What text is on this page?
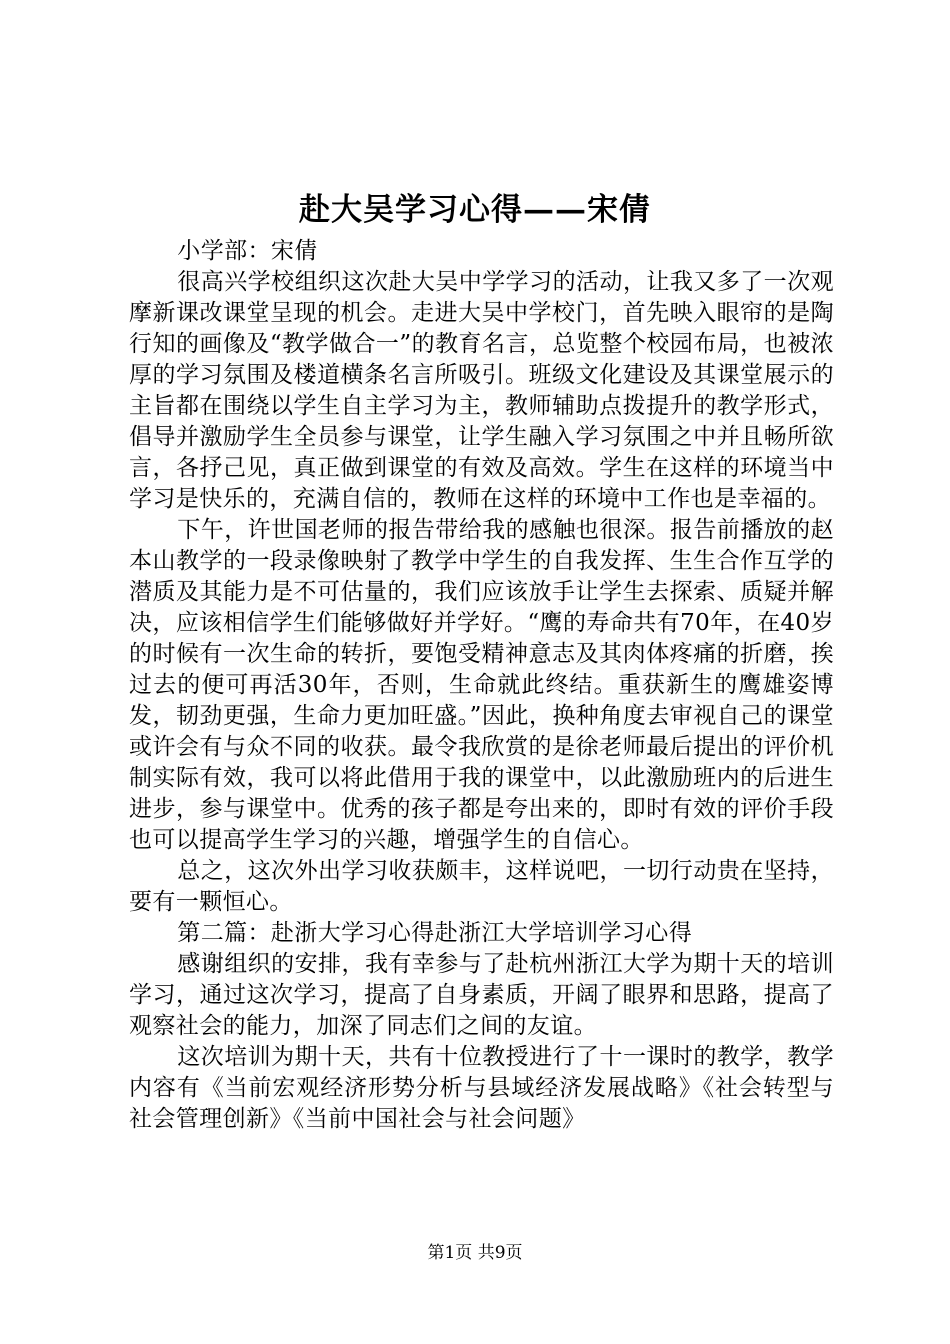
赴大吴学习心得——宋倩

小学部：宋倩

很高兴学校组织这次赴大吴中学学习的活动，让我又多了一次观摩新课改课堂呈现的机会。走进大吴中学校门，首先映入眼帘的是陶行知的画像及“教学做合一”的教育名言，总览整个校园布局，也被浓厚的学习氛围及楼道横条名言所吸引。班级文化建设及其课堂展示的主旨都在围绕以学生自主学习为主，教师辅助点拨提升的教学形式，倡导并激励学生全员参与课堂，让学生融入学习氛围之中并且畅所欲言，各抒己见，真正做到课堂的有效及高效。学生在这样的环境当中学习是快乐的，充满自信的，教师在这样的环境中工作也是幸福的。

下午，许世国老师的报告带给我的感触也很深。报告前播放的赵本山教学的一段录像映射了教学中学生的自我发挥、生生合作互学的潜质及其能力是不可估量的，我们应该放手让学生去探索、质疑并解决，应该相信学生们能够做好并学好。“鹰的寿命共有70年，在40岁的时候有一次生命的转折，要饱受精神意志及其肉体疼痛的折磨，挨过去的便可再活30年，否则，生命就此终结。重获新生的鹰雄姿博发，韧劲更强，生命力更加旺盛。”因此，换种角度去审视自己的课堂或许会有与众不同的收获。最令我欣赏的是徐老师最后提出的评价机制实际有效，我可以将此借用于我的课堂中，以此激励班内的后进生进步，参与课堂中。优秀的孩子都是夸出来的，即时有效的评价手段也可以提高学生学习的兴趣，增强学生的自信心。

总之，这次外出学习收获颇丰，这样说吧，一切行动贵在坚持，要有一颗恒心。

第二篇：赴浙大学习心得赴浙江大学培训学习心得

感谢组织的安排，我有幸参与了赴杭州浙江大学为期十天的培训学习，通过这次学习，提高了自身素质，开阔了眼界和思路，提高了观察社会的能力，加深了同志们之间的友谊。

这次培训为期十天，共有十位教授进行了十一课时的教学，教学内容有《当前宏观经济形势分析与县域经济发展战略》《社会转型与社会管理创新》《当前中国社会与社会问题》

第1页 共9页
